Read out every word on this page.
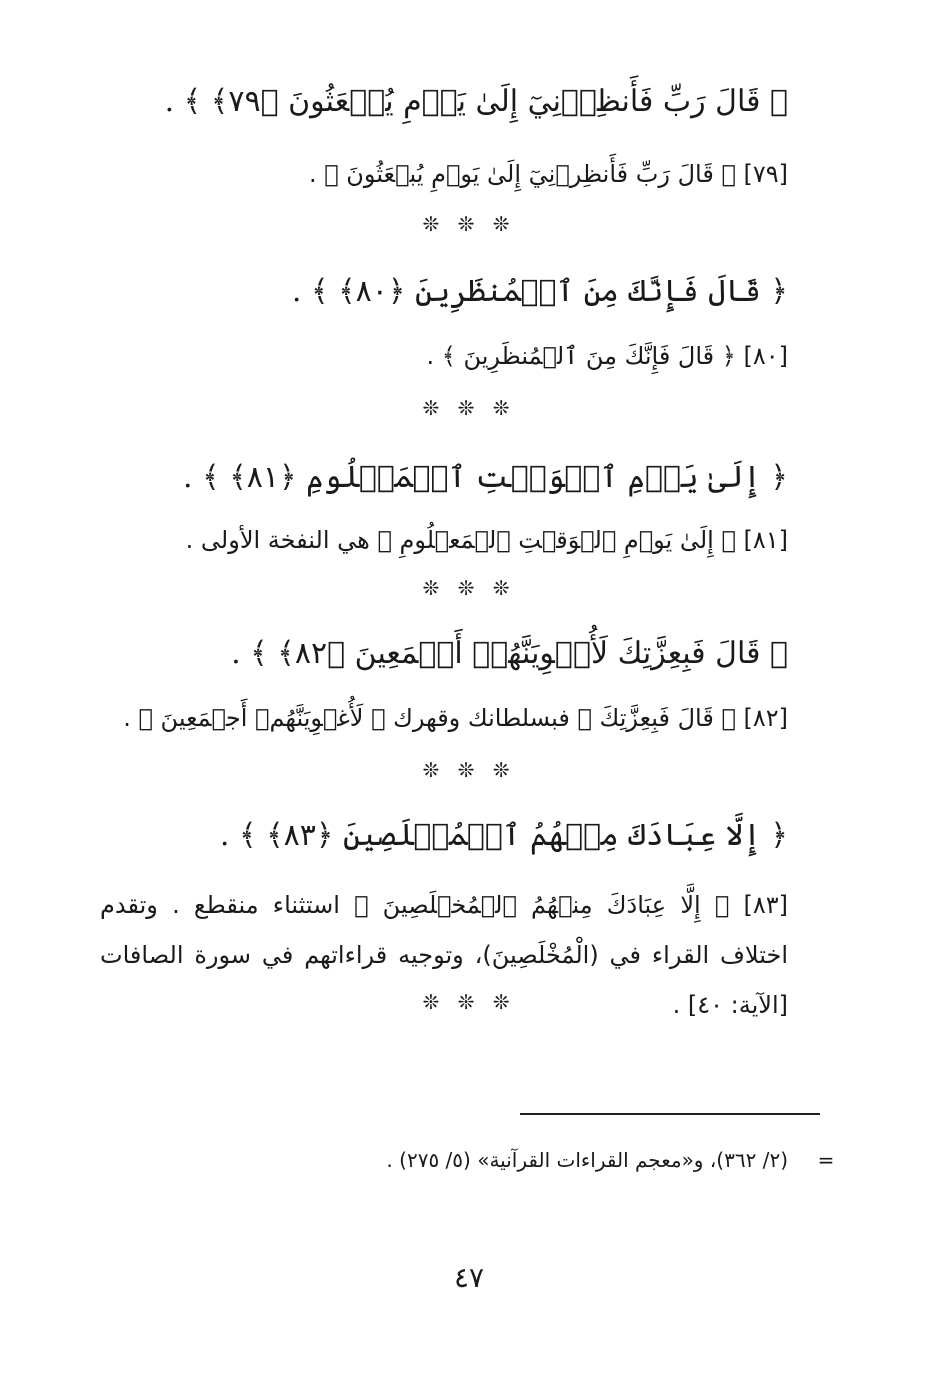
﴿ قَالَ رَبِّ فَأَنظِرۡنِيٓ إِلَىٰ يَوۡمِ يُبۡعَثُونَ ﴿٧٩﴾ ﴾ .
[٧٩] ﴿ قَالَ رَبِّ فَأَنظِرۡنِيٓ إِلَىٰ يَوۡمِ يُبۡعَثُونَ ﴾ .
❊ ❊ ❊
﴿ قَالَ فَإِنَّكَ مِنَ ٱلۡمُنظَرِينَ ﴿٨٠﴾ ﴾ .
[٨٠] ﴿ قَالَ فَإِنَّكَ مِنَ ٱلۡمُنظَرِينَ ﴾ .
❊ ❊ ❊
﴿ إِلَىٰ يَوۡمِ ٱلۡوَقۡتِ ٱلۡمَعۡلُومِ ﴿٨١﴾ ﴾ .
[٨١] ﴿ إِلَىٰ يَوۡمِ ٱلۡوَقۡتِ ٱلۡمَعۡلُومِ ﴾ هي النفخة الأولى .
❊ ❊ ❊
﴿ قَالَ فَبِعِزَّتِكَ لَأُغۡوِيَنَّهُمۡ أَجۡمَعِينَ ﴿٨٢﴾ ﴾ .
[٨٢] ﴿ قَالَ فَبِعِزَّتِكَ ﴾ فبسلطانك وقهرك ﴿ لَأُغۡوِيَنَّهُمۡ أَجۡمَعِينَ ﴾ .
❊ ❊ ❊
﴿ إِلَّا عِبَادَكَ مِنۡهُمُ ٱلۡمُخۡلَصِينَ ﴿٨٣﴾ ﴾ .
[٨٣] ﴿ إِلَّا عِبَادَكَ مِنۡهُمُ ٱلۡمُخۡلَصِينَ ﴾ استثناء منقطع . وتقدم اختلاف القراء في (الْمُخْلَصِينَ)، وتوجيه قراءاتهم في سورة الصافات [الآية: ٤٠] .
❊ ❊ ❊
=
(٢/ ٣٦٢)، و«معجم القراءات القرآنية» (٥/ ٢٧٥) .
٤٧
